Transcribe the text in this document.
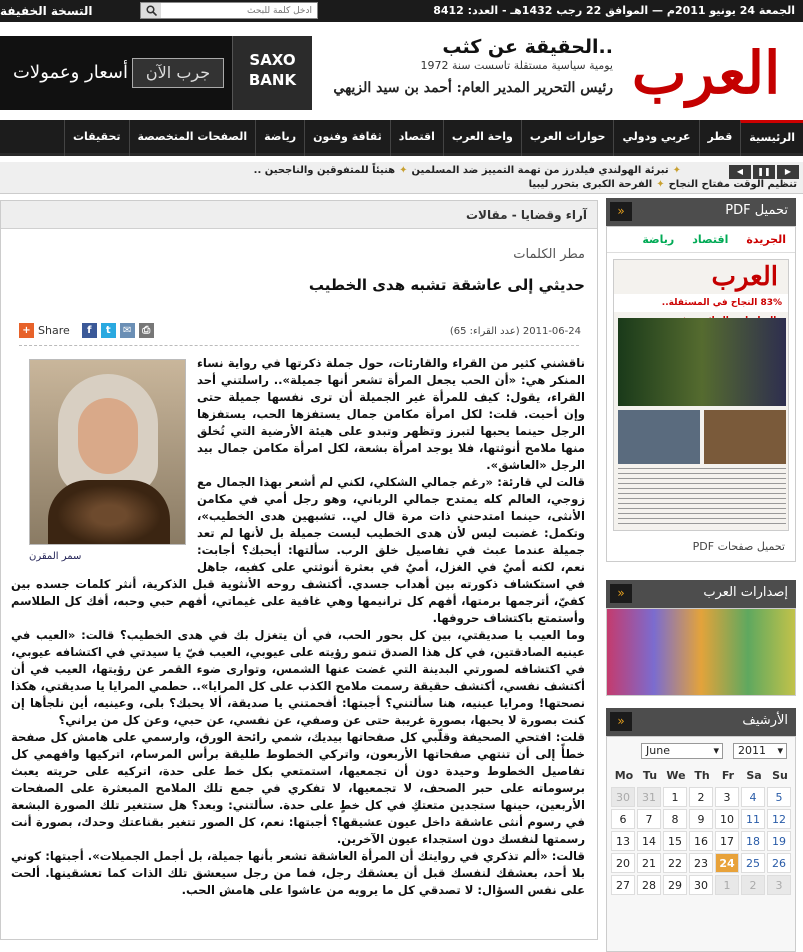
التسخة الخفيفة
أدخل كلمة للبحث	الجمعة 24 يونيو 2011م — الموافق 22 رجب 1432هـ - العدد: 8412
العرب
..الحقيقة عن كثب
يومية سياسية مستقلة تاسست سنة 1972
رئيس التحرير المدير العام: أحمد بن سيد الزيهي
أسعار وعمولات	جرب الآن
SAXO BANK
الرئيسية
قطر
عربي ودولي
حوارات العرب
واحة العرب
اقتصاد
ثقافة وفنون
رياضة
الصفحات المتخصصة
تحقيقات
◀	❚❚	▶
✦تبرئة الهولندي فيلدرز من تهمة التمييز ضد المسلمين✦هنيئاً للمتفوقين والناجحين ..
تنظيم الوقت مفتاح النجاح✦الفرحة الكبرى بتحرر ليبيا
آراء وقضايا - مقالات
مطر الكلمات
حديثي إلى عاشقة تشبه هدى الخطيب
2011-06-24 (عدد القراء: 65)
+ Share	f	t	✉	⎙
سمر المقرن

ناقشني كثير من القراء والقارئات، حول جملة ذكرتها في رواية نساء المنكر هي: «أن الحب يجعل المرأة تشعر أنها جميلة».. راسلتني أحد القراء، يقول: كيف للمرأة غير الجميلة أن ترى نفسها جميلة حتى وإن أحبت. قلت: لكل امرأة مكامن جمال يستفزها الحب، يستفزها الرجل حينما يحبها لتبرز وتظهر وتبدو على هيئة الأرضية التي تُخلق منها ملامح أنوثتها، فلا يوجد امرأة بشعة، لكل امرأة مكامن جمال بيد الرجل «العاشق».

قالت لي قارئة: «رغم جمالي الشكلي، لكني لم أشعر بهذا الجمال مع زوجي، العالم كله يمتدح جمالي الرباني، وهو رجل أمي في مكامن الأنثى، حينما امتدحني ذات مرة قال لي.. تشبهين هدى الخطيب»، وتكمل: غضبت ليس لأن هدى الخطيب ليست جميلة بل لأنها لم تعد جميلة عندما عبث في تفاصيل خلق الرب. سألتها: أيحبك؟ أجابت: نعم، لكنه أميٌ في الغزل، أميٌ في بعثرة أنوثتي على كفيه، جاهل في استكشاف ذكورته بين أهداب جسدي. أكتشف روحه الأنثوية قبل الذكرية، أنثر كلمات جسده بين كفيّ، أترجمها برمتها، أفهم كل ترانيمها وهي غافية على غيماتي، أفهم حبي وحبه، أفك كل الطلاسم وأستمتع باكتشاف حروفها.

وما العيب يا صديقتي، بين كل بحور الحب، في أن يتغزل بك في هدى الخطيب؟ قالت: «العيب في عينيه الصادقتين، في كل هذا الصدق تنمو رؤيته على عيوبي، العيب فيّ يا سيدتي في اكتشافه عيوبي، في اكتشافه لصورتي البدينة التي غضت عنها الشمس، وتوارى ضوء القمر عن رؤيتها، العيب في أن أكتشف نفسي، أكتشف حقيقة رسمت ملامح الكذب على كل المرايا».. حطمي المرايا يا صديقتي، هكذا نصحتها! ومرايا عينيه، هنا سألتني؟ أجبتها: أفحمتني يا صديقة، ألا يحبك؟ بلى، وعينيه، أين نلجأها إن كنت بصورة لا يحبها، بصورة غريبة حتى عن وصفي، عن نفسي، عن حبي، وعن كل من يراني؟

قلت: افتحي الصحيفة وقلّبي كل صفحاتها بيديك، شمي رائحة الورق، وارسمي على هامش كل صفحة خطأً إلى أن تنتهي صفحاتها الأربعون، واتركي الخطوط طليقة برأس المرسام، اتركيها وافهمي كل تفاصيل الخطوط وحيدة دون أن تجمعيها، استمتعي بكل خط على حدة، اتركيه على حريته يعبث برسوماته على حبر الصحف، لا تجمعيها، لا تفكري في جمع تلك الملامح المبعثرة على الصفحات الأربعين، حينها ستجدين متعتكِ في كل خطٍ على حدة. سألتني: وبعد؟ هل ستتغير تلك الصورة البشعة في رسوم أنثى عاشقة داخل عيون عشيقها؟ أجبتها: نعم، كل الصور تتغير بقناعتك وحدك، بصورة أنت رسمتها لنفسك دون استجداء عيون الآخرين.

قالت: «ألم تذكري في روايتك أن المرأة العاشقة تشعر بأنها جميلة، بل أجمل الجميلات». أجبتها: كوني بلا أحد، بعشقك لنفسك قبل أن يعشقك رجل، فما من رجل سيعشق تلك الذات كما تعشقينها. ألحت على نفس السؤال: لا تصدقي كل ما يرويه من عاشوا على هامش الحب.

تحميل PDF
«
الجريدة
اقتصاد
رياضة
العرب
83% النجاح في المستقلة..
تحميل صفحات PDF
إصدارات العرب
«
الأرشيف
«
June	▾	2011 ▾
Mo Tu We Th	Fr	Sa Su
30	31	1	2	3	4	5
6	7	8	9	10	11	12
13	14	15	16	17	18	19
20	21	22	23	24	25	26
27	28	29	30	1	2	3
